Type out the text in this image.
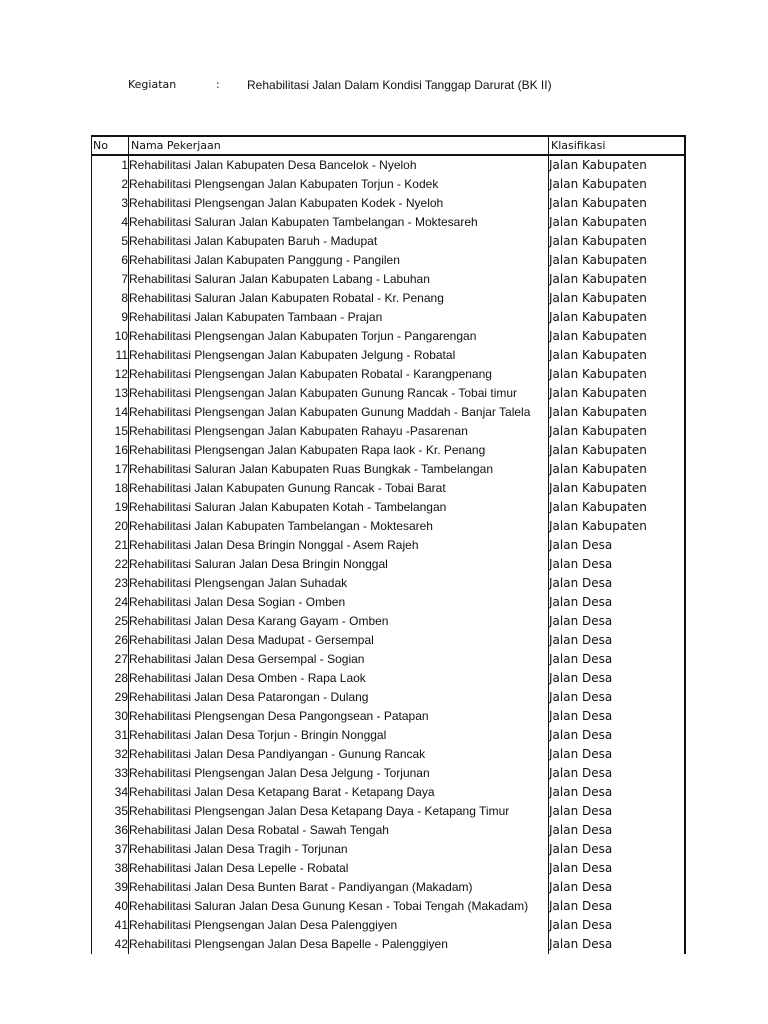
Kegiatan	: Rehabilitasi Jalan Dalam Kondisi Tanggap Darurat (BK II)
No	Nama Pekerjaan	Klasifikasi
1	Rehabilitasi Jalan Kabupaten Desa Bancelok - Nyeloh	Jalan Kabupaten
2	Rehabilitasi Plengsengan Jalan Kabupaten Torjun - Kodek	Jalan Kabupaten
3	Rehabilitasi Plengsengan Jalan Kabupaten Kodek - Nyeloh	Jalan Kabupaten
4	Rehabilitasi Saluran Jalan Kabupaten Tambelangan - Moktesareh	Jalan Kabupaten
5	Rehabilitasi Jalan Kabupaten Baruh - Madupat	Jalan Kabupaten
6	Rehabilitasi Jalan Kabupaten Panggung - Pangilen	Jalan Kabupaten
7	Rehabilitasi Saluran Jalan Kabupaten Labang - Labuhan	Jalan Kabupaten
8	Rehabilitasi Saluran Jalan Kabupaten Robatal - Kr. Penang	Jalan Kabupaten
9	Rehabilitasi Jalan Kabupaten Tambaan - Prajan	Jalan Kabupaten
10	Rehabilitasi Plengsengan Jalan Kabupaten Torjun - Pangarengan	Jalan Kabupaten
11	Rehabilitasi Plengsengan Jalan Kabupaten Jelgung - Robatal	Jalan Kabupaten
12	Rehabilitasi Plengsengan Jalan Kabupaten Robatal - Karangpenang	Jalan Kabupaten
13	Rehabilitasi Plengsengan Jalan Kabupaten Gunung Rancak - Tobai timur	Jalan Kabupaten
14	Rehabilitasi Plengsengan Jalan Kabupaten Gunung Maddah - Banjar Talela	Jalan Kabupaten
15	Rehabilitasi Plengsengan Jalan Kabupaten Rahayu -Pasarenan	Jalan Kabupaten
16	Rehabilitasi Plengsengan Jalan Kabupaten Rapa laok - Kr. Penang	Jalan Kabupaten
17	Rehabilitasi Saluran Jalan Kabupaten Ruas Bungkak - Tambelangan	Jalan Kabupaten
18	Rehabilitasi Jalan Kabupaten Gunung Rancak - Tobai Barat	Jalan Kabupaten
19	Rehabilitasi Saluran Jalan Kabupaten Kotah - Tambelangan	Jalan Kabupaten
20	Rehabilitasi Jalan Kabupaten Tambelangan - Moktesareh	Jalan Kabupaten
21	Rehabilitasi Jalan Desa Bringin Nonggal - Asem Rajeh	Jalan Desa
22	Rehabilitasi Saluran Jalan Desa Bringin Nonggal	Jalan Desa
23	Rehabilitasi Plengsengan Jalan Suhadak	Jalan Desa
24	Rehabilitasi Jalan Desa Sogian - Omben	Jalan Desa
25	Rehabilitasi Jalan Desa Karang Gayam - Omben	Jalan Desa
26	Rehabilitasi Jalan Desa Madupat - Gersempal	Jalan Desa
27	Rehabilitasi Jalan Desa Gersempal - Sogian	Jalan Desa
28	Rehabilitasi Jalan Desa Omben - Rapa Laok	Jalan Desa
29	Rehabilitasi Jalan Desa Patarongan - Dulang	Jalan Desa
30	Rehabilitasi Plengsengan Desa Pangongsean - Patapan	Jalan Desa
31	Rehabilitasi Jalan Desa Torjun - Bringin Nonggal	Jalan Desa
32	Rehabilitasi Jalan Desa Pandiyangan - Gunung Rancak	Jalan Desa
33	Rehabilitasi Plengsengan Jalan Desa Jelgung - Torjunan	Jalan Desa
34	Rehabilitasi Jalan Desa Ketapang Barat - Ketapang Daya	Jalan Desa
35	Rehabilitasi Plengsengan Jalan Desa Ketapang Daya - Ketapang Timur	Jalan Desa
36	Rehabilitasi Jalan Desa Robatal - Sawah Tengah	Jalan Desa
37	Rehabilitasi Jalan Desa Tragih - Torjunan	Jalan Desa
38	Rehabilitasi Jalan Desa Lepelle - Robatal	Jalan Desa
39	Rehabilitasi Jalan Desa Bunten Barat - Pandiyangan (Makadam)	Jalan Desa
40	Rehabilitasi Saluran Jalan Desa Gunung Kesan - Tobai Tengah (Makadam)	Jalan Desa
41	Rehabilitasi Plengsengan Jalan Desa Palenggiyen	Jalan Desa
42	Rehabilitasi Plengsengan Jalan Desa Bapelle - Palenggiyen	Jalan Desa
